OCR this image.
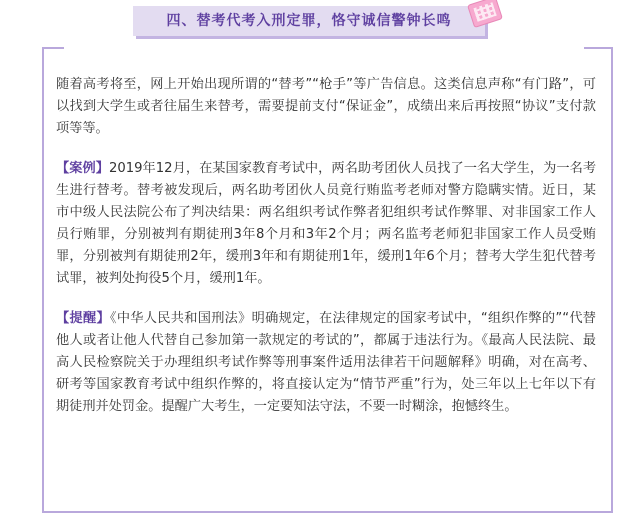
四、替考代考入刑定罪，恪守诚信警钟长鸣

随着高考将至，网上开始出现所谓的“替考”“枪手”等广告信息。这类信息声称“有门路”，可以找到大学生或者往届生来替考，需要提前支付“保证金”，成绩出来后再按照“协议”支付款项等等。

【案例】2019年12月，在某国家教育考试中，两名助考团伙人员找了一名大学生，为一名考生进行替考。替考被发现后，两名助考团伙人员竟行贿监考老师对警方隐瞒实情。近日，某市中级人民法院公布了判决结果：两名组织考试作弊者犯组织考试作弊罪、对非国家工作人员行贿罪，分别被判有期徒刑3年8个月和3年2个月；两名监考老师犯非国家工作人员受贿罪，分别被判有期徒刑2年，缓刑3年和有期徒刑1年，缓刑1年6个月；替考大学生犯代替考试罪，被判处拘役5个月，缓刑1年。

【提醒】《中华人民共和国刑法》明确规定，在法律规定的国家考试中，“组织作弊的”“代替他人或者让他人代替自己参加第一款规定的考试的”，都属于违法行为。《最高人民法院、最高人民检察院关于办理组织考试作弊等刑事案件适用法律若干问题解释》明确，对在高考、研考等国家教育考试中组织作弊的，将直接认定为“情节严重”行为，处三年以上七年以下有期徒刑并处罚金。提醒广大考生，一定要知法守法，不要一时糊涂，抱憾终生。
